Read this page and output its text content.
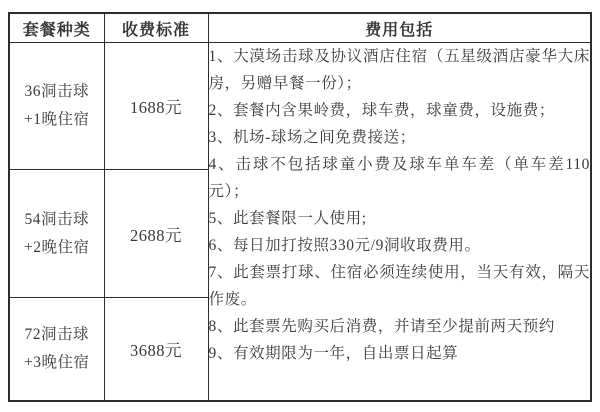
套餐种类	收费标准	费用包括

36洞击球
+1晚住宿
	1688元	
1、大漠场击球及协议酒店住宿（五星级酒店豪华大床房，另赠早餐一份）；
2、套餐内含果岭费，球车费，球童费，设施费；
3、机场-球场之间免费接送；
4、击球不包括球童小费及球车单车差（单车差110元）；
5、此套餐限一人使用;
6、每日加打按照330元/9洞收取费用。
7、此套票打球、住宿必须连续使用，当天有效，隔天作废。
8、此套票先购买后消费，并请至少提前两天预约
9、有效期限为一年，自出票日起算

54洞击球
+2晚住宿	2688元	

72洞击球
+3晚住宿	3688元	
